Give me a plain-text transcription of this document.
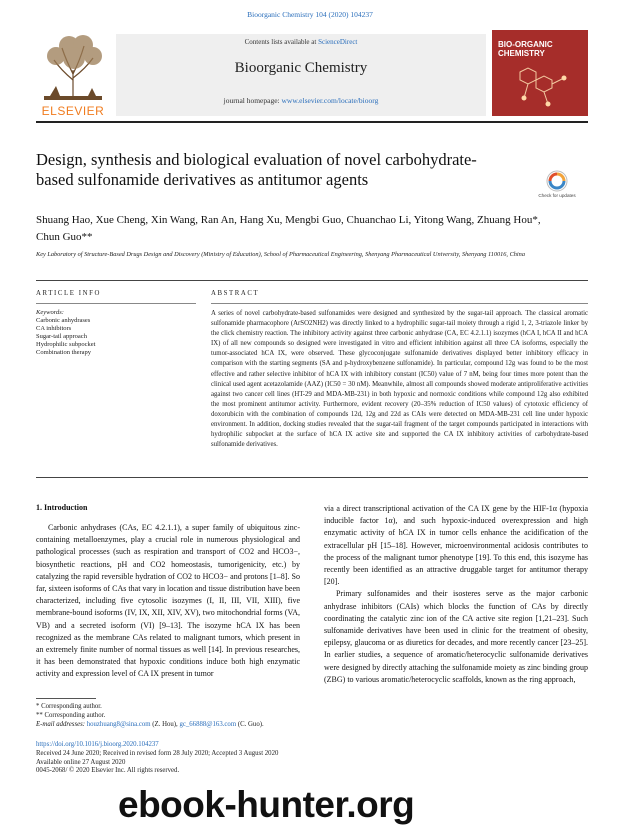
Bioorganic Chemistry 104 (2020) 104237
ELSEVIER
Contents lists available at ScienceDirect
Bioorganic Chemistry
journal homepage: www.elsevier.com/locate/bioorg
BIO-ORGANIC CHEMISTRY
Design, synthesis and biological evaluation of novel carbohydrate-based sulfonamide derivatives as antitumor agents
Check for updates
Shuang Hao, Xue Cheng, Xin Wang, Ran An, Hang Xu, Mengbi Guo, Chuanchao Li, Yitong Wang, Zhuang Hou*, Chun Guo**
Key Laboratory of Structure-Based Drugs Design and Discovery (Ministry of Education), School of Pharmaceutical Engineering, Shenyang Pharmaceutical University, Shenyang 110016, China
ARTICLE INFO	ABSTRACT
Keywords:
Carbonic anhydrases
CA inhibitors
Sugar-tail approach
Hydrophilic subpocket
Combination therapy
A series of novel carbohydrate-based sulfonamides were designed and synthesized by the sugar-tail approach. The classical aromatic sulfonamide pharmacophore (ArSO2NH2) was directly linked to a hydrophilic sugar-tail moiety through a rigid 1, 2, 3-triazole linker by the click chemistry reaction. The inhibitory activity against three carbonic anhydrase (CA, EC 4.2.1.1) isozymes (hCA I, hCA II and hCA IX) of all new compounds so designed were investigated in vitro and efficient inhibition against all three CA isoforms, especially the tumor-associated hCA IX, were observed. These glycoconjugate sulfonamide derivatives displayed better inhibitory efficacy in comparison with the starting segments (SA and p-hydroxybenzene sulfonamide). In particular, compound 12g was found to be the most effective and rather selective inhibitor of hCA IX with inhibitory constant (IC50) value of 7 nM, being four times more potent than the clinical used agent acetazolamide (AAZ) (IC50 = 30 nM). Meanwhile, almost all compounds showed moderate antiproliferative activities against two cancer cell lines (HT-29 and MDA-MB-231) in both hypoxic and normoxic conditions while compound 12g also exhibited the most prominent antitumor activity. Furthermore, evident recovery (20–35% reduction of IC50 values) of cytotoxic efficiency of doxorubicin with the combination of compounds 12d, 12g and 22d as CAIs were detected on MDA-MB-231 cell line under hypoxic environment. In addition, docking studies revealed that the sugar-tail fragment of the target compounds participated in interactions with hydrophilic subpocket at the surface of hCA IX active site and supported the CA IX inhibitory activities of carbohydrate-based sulfonamide derivatives.
1. Introduction
Carbonic anhydrases (CAs, EC 4.2.1.1), a super family of ubiquitous zinc-containing metalloenzymes, play a crucial role in numerous physiological and pathological processes (such as respiration and transport of CO2 and HCO3−, biosynthetic reactions, pH and CO2 homeostasis, tumorigenicity, etc.) by catalyzing the rapid reversible hydration of CO2 to HCO3− and protons [1–8]. So far, sixteen isoforms of CAs that vary in location and tissue distribution have been characterized, including five cytosolic isozymes (I, II, III, VII, XIII), five membrane-bound isoforms (IV, IX, XII, XIV, XV), two mitochondrial forms (VA, VB) and a secreted isoform (VI) [9–13]. The isozyme hCA IX has been recognized as the membrane CAs related to malignant tumors, which present in an extremely finite number of normal tissues as well [14]. In previous researches, it has been demonstrated that hypoxic conditions induce both high enzymatic activity and expression level of CA IX present in tumor

via a direct transcriptional activation of the CA IX gene by the HIF-1α (hypoxia inducible factor 1α), and such hypoxic-induced overexpression and high enzymatic activity of hCA IX in tumor cells enhance the acidification of the extracellular pH [15–18]. However, microenvironmental acidosis contributes to the process of the malignant tumor phenotype [19]. To this end, this isozyme has recently been identified as an attractive druggable target for antitumor therapy [20].

Primary sulfonamides and their isosteres serve as the major carbonic anhydrase inhibitors (CAIs) which blocks the function of CAs by directly coordinating the catalytic zinc ion of the CA active site region [1,21–23]. Such sulfonamide derivatives have been used in clinic for the treatment of obesity, epilepsy, glaucoma or as diuretics for decades, and more recently cancer [23–25]. In earlier studies, a sequence of aromatic/heterocyclic sulfonamide derivatives were designed by directly attaching the sulfonamide moiety as zinc binding group (ZBG) to various aromatic/heterocyclic scaffolds, known as the ring approach,

* Corresponding author.
** Corresponding author.
E-mail addresses: houzhuang8@sina.com (Z. Hou), gc_66888@163.com (C. Guo).
https://doi.org/10.1016/j.bioorg.2020.104237
Received 24 June 2020; Received in revised form 28 July 2020; Accepted 3 August 2020
Available online 27 August 2020
0045-2068/ © 2020 Elsevier Inc. All rights reserved.
ebook-hunter.org
